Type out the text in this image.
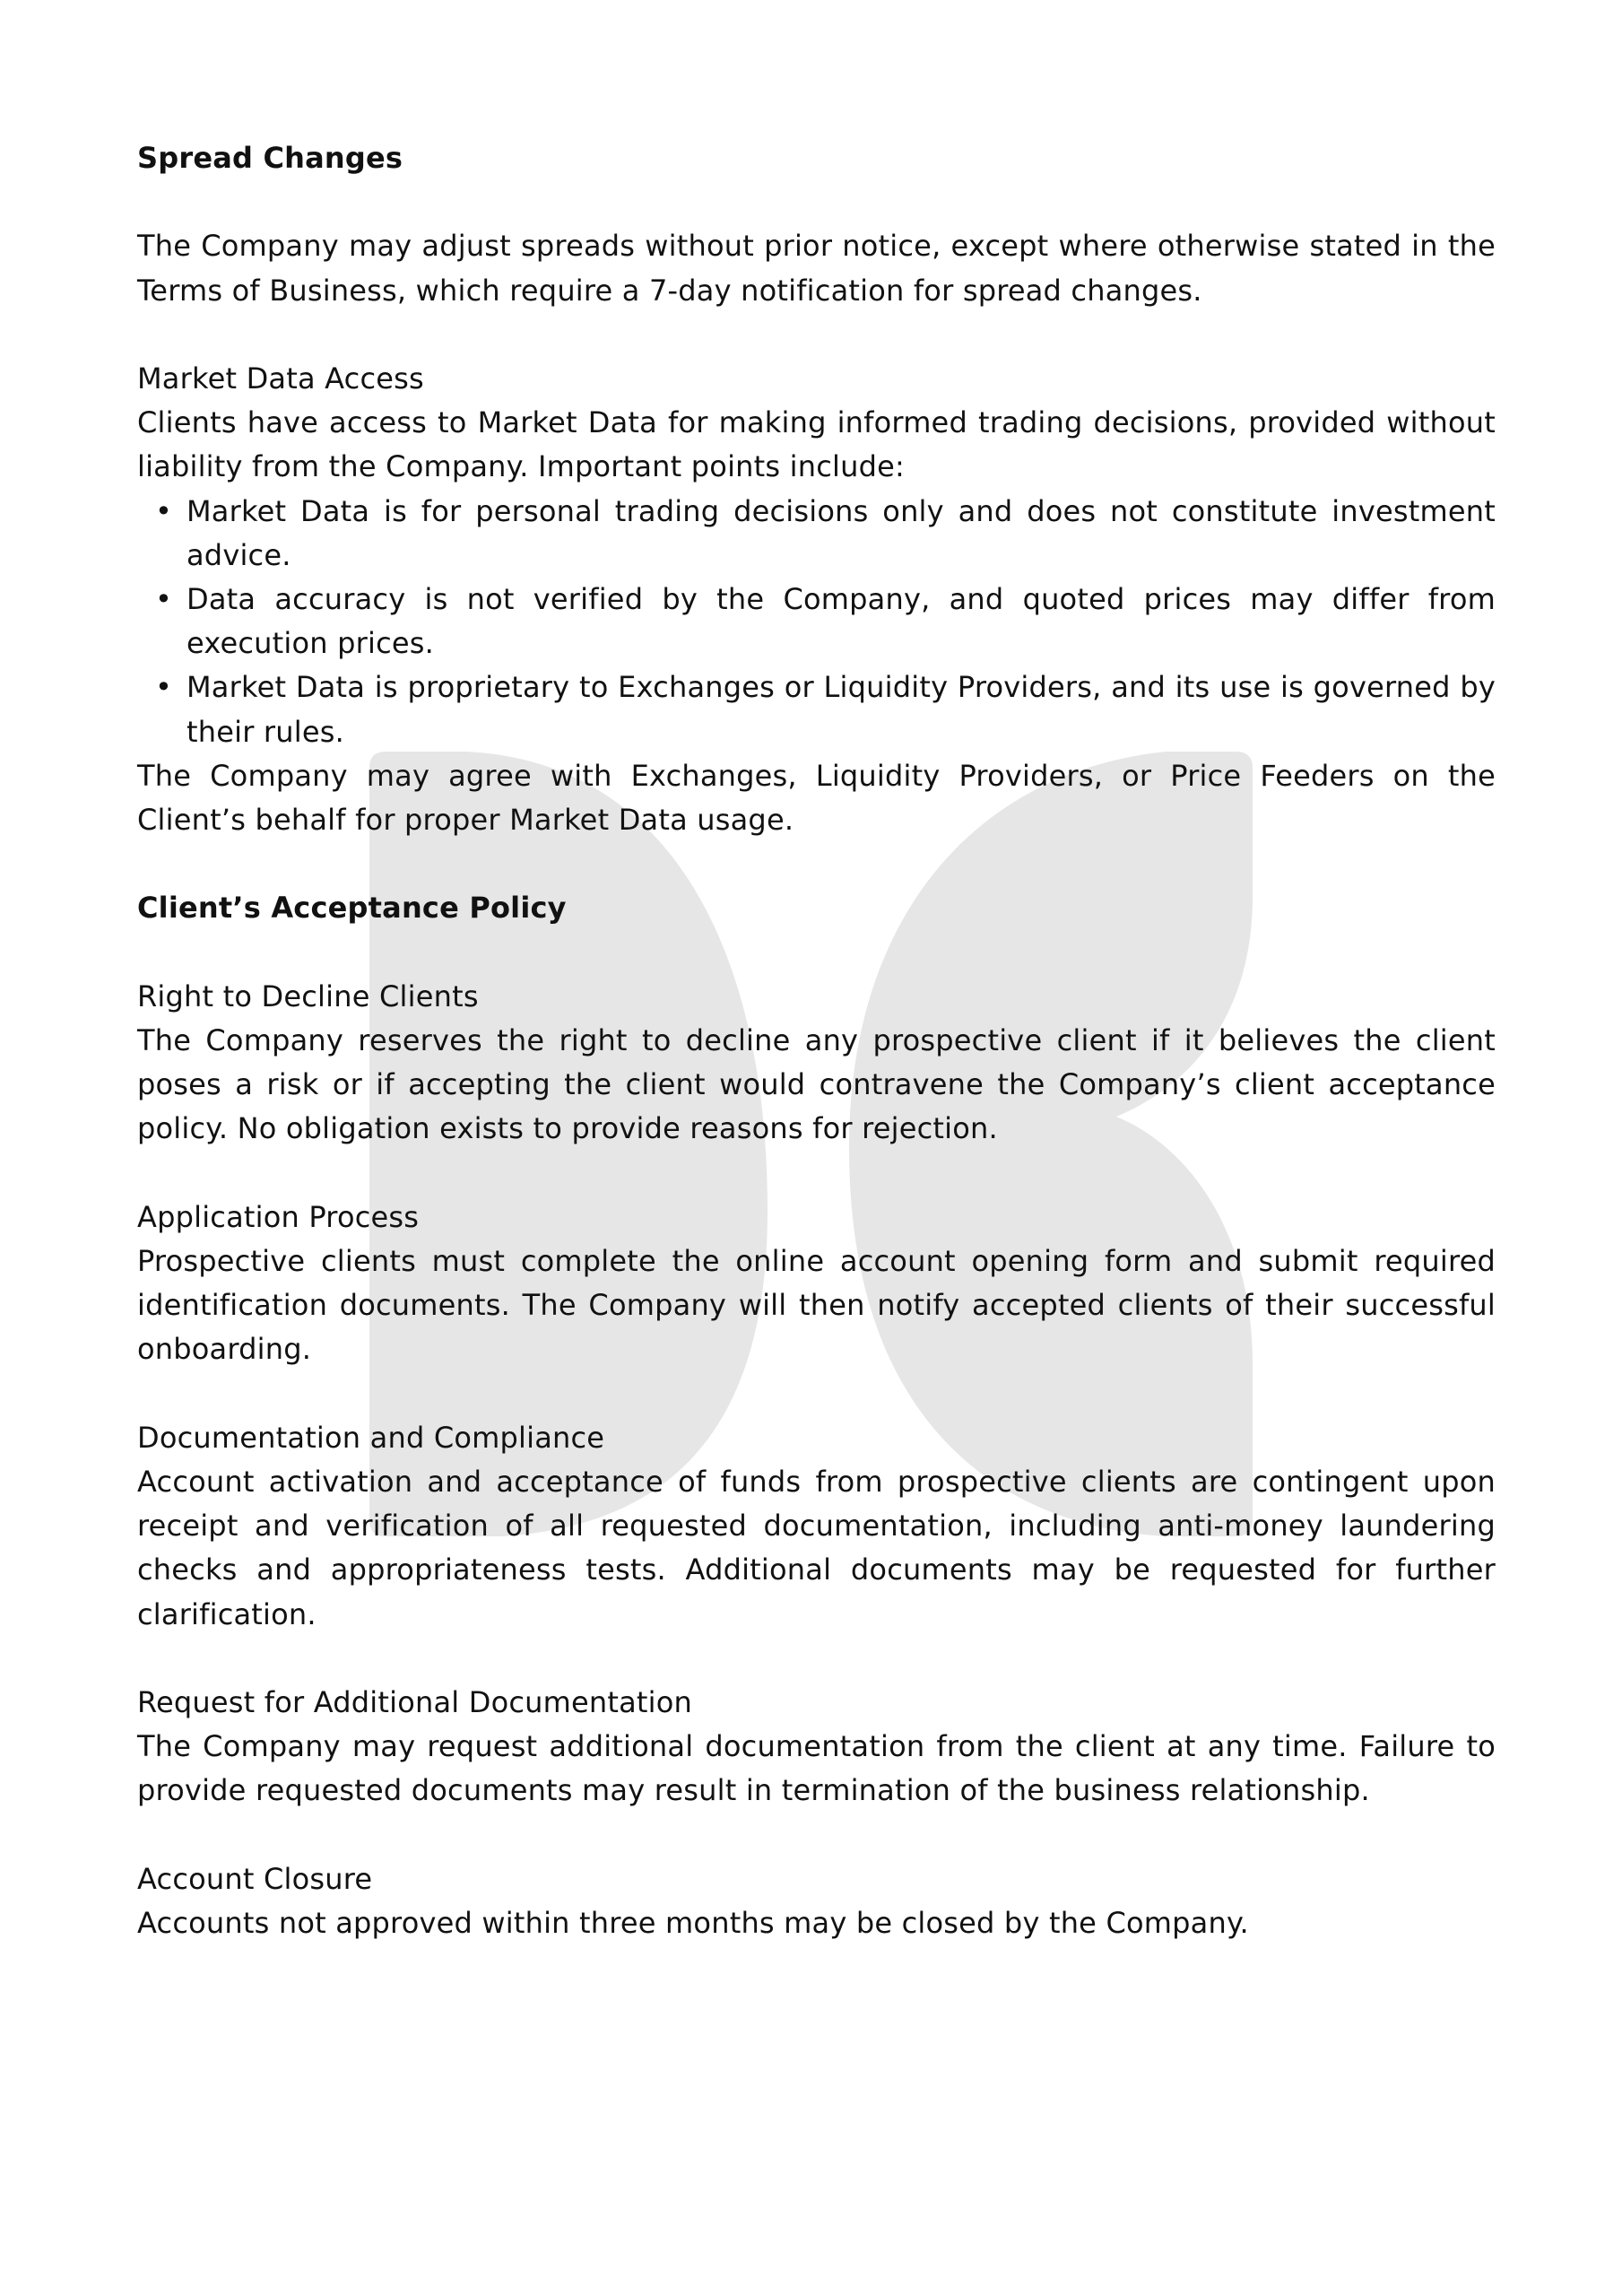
Spread Changes

The Company may adjust spreads without prior notice, except where otherwise stated in the Terms of Business, which require a 7-day notification for spread changes.

Market Data Access

Clients have access to Market Data for making informed trading decisions, provided without liability from the Company. Important points include:

• Market Data is for personal trading decisions only and does not constitute investment advice.
• Data accuracy is not verified by the Company, and quoted prices may differ from execution prices.
• Market Data is proprietary to Exchanges or Liquidity Providers, and its use is governed by their rules.

The Company may agree with Exchanges, Liquidity Providers, or Price Feeders on the Client’s behalf for proper Market Data usage.

Client’s Acceptance Policy

Right to Decline Clients

The Company reserves the right to decline any prospective client if it believes the client poses a risk or if accepting the client would contravene the Company’s client acceptance policy. No obligation exists to provide reasons for rejection.

Application Process

Prospective clients must complete the online account opening form and submit required identification documents. The Company will then notify accepted clients of their successful onboarding.

Documentation and Compliance

Account activation and acceptance of funds from prospective clients are contingent upon receipt and verification of all requested documentation, including anti-money laundering checks and appropriateness tests. Additional documents may be requested for further clarification.

Request for Additional Documentation

The Company may request additional documentation from the client at any time. Failure to provide requested documents may result in termination of the business relationship.

Account Closure

Accounts not approved within three months may be closed by the Company.
